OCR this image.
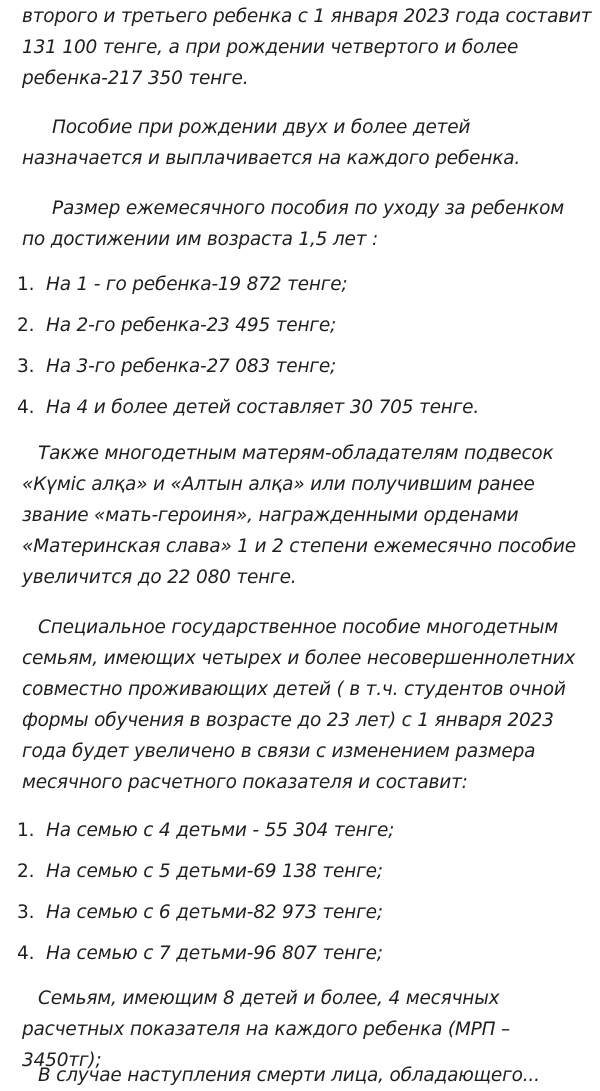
второго и третьего ребенка с 1 января 2023 года составит 131 100 тенге, а при рождении четвертого и более ребенка-217 350 тенге.

Пособие при рождении двух и более детей назначается и выплачивается на каждого ребенка.

Размер ежемесячного пособия по уходу за ребенком по достижении им возраста 1,5 лет :

1. На 1 - го ребенка-19 872 тенге;
2. На 2-го ребенка-23 495 тенге;
3. На 3-го ребенка-27 083 тенге;
4. На 4 и более детей составляет 30 705 тенге.

Также многодетным матерям-обладателям подвесок «Күміс алқа» и «Алтын алқа» или получившим ранее звание «мать-героиня», награжденными орденами «Материнская слава» 1 и 2 степени ежемесячно пособие увеличится до 22 080 тенге.

Специальное государственное пособие многодетным семьям, имеющих четырех и более несовершеннолетних совместно проживающих детей ( в т.ч. студентов очной формы обучения в возрасте до 23 лет) с 1 января 2023 года будет увеличено в связи с изменением размера месячного расчетного показателя и составит:

1. На семью с 4 детьми - 55 304 тенге;
2. На семью с 5 детьми-69 138 тенге;
3. На семью с 6 детьми-82 973 тенге;
4. На семью с 7 детьми-96 807 тенге;

Семьям, имеющим 8 детей и более, 4 месячных расчетных показателя на каждого ребенка (МРП – 3450тг);

В случае наступления смерти лица, обладающего...
